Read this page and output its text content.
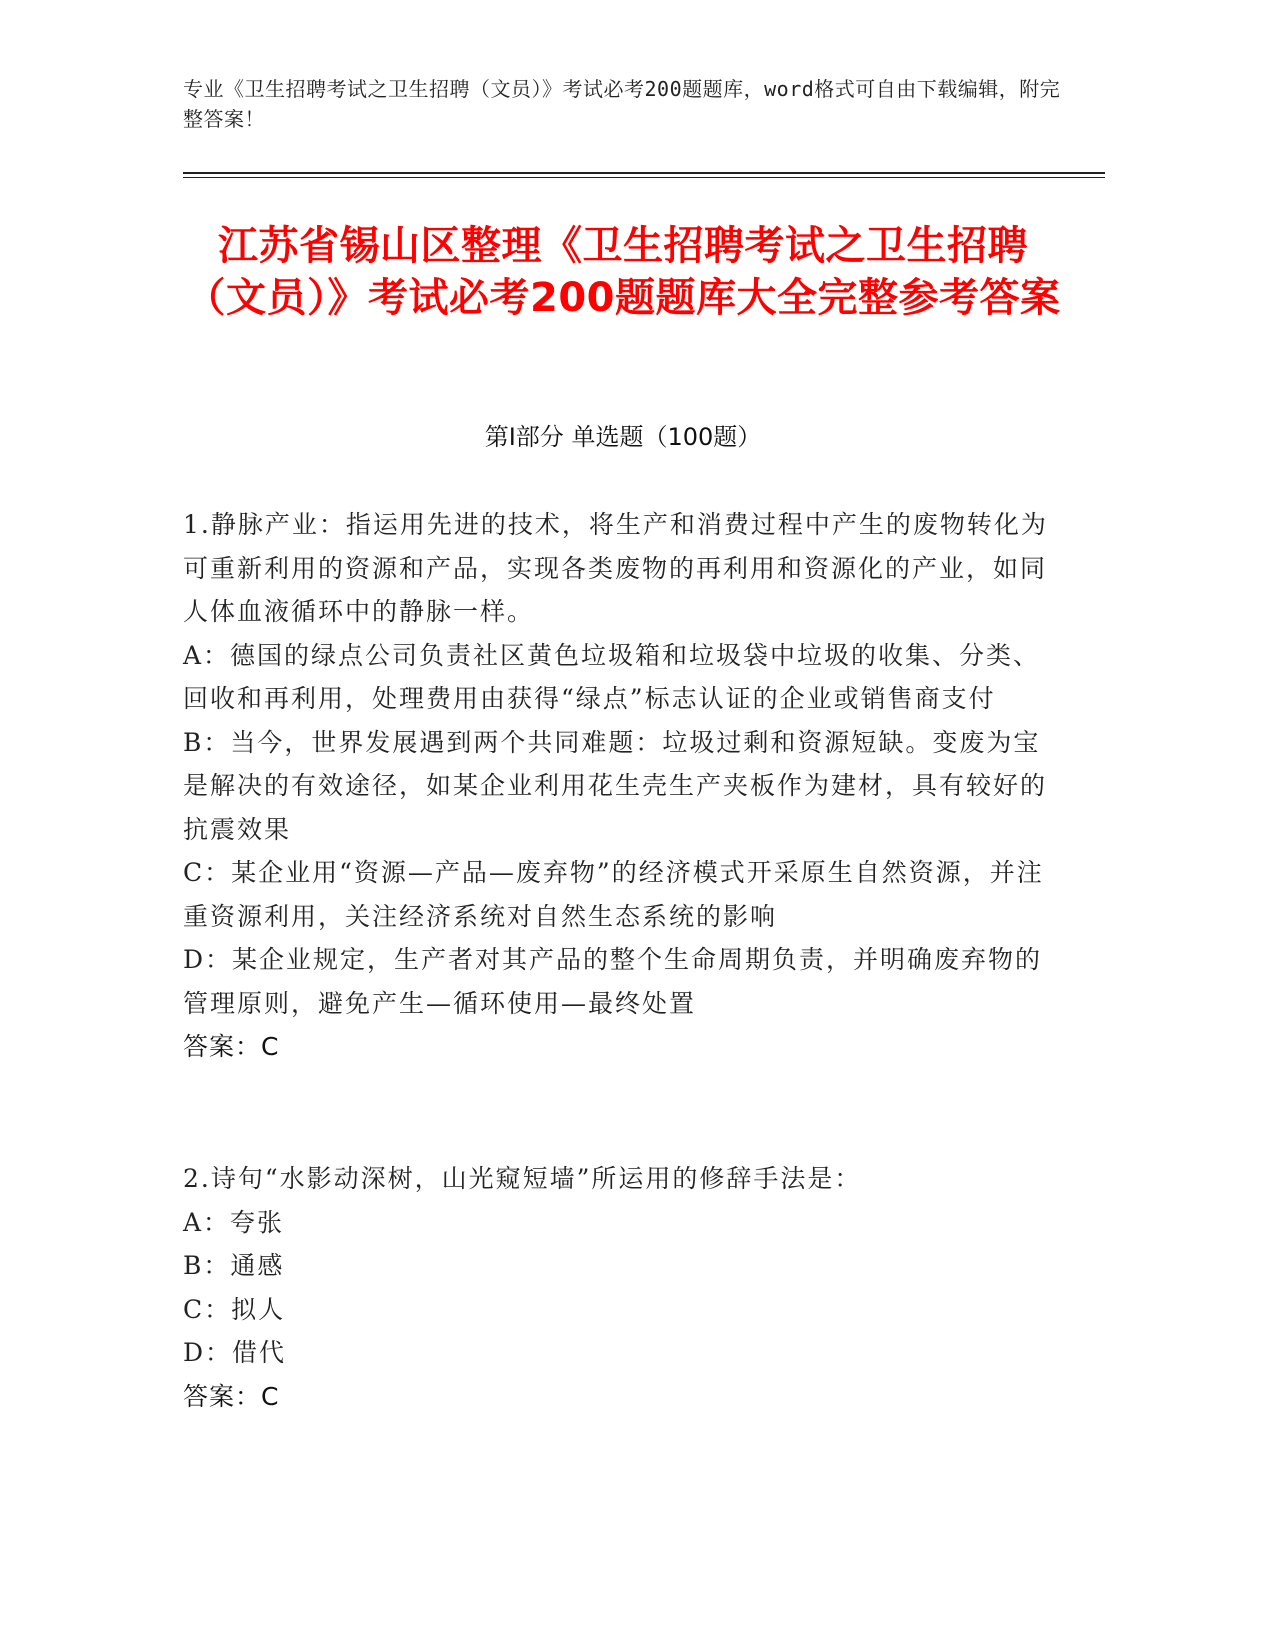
专业《卫生招聘考试之卫生招聘（文员）》考试必考200题题库，word格式可自由下载编辑，附完整答案！
江苏省锡山区整理《卫生招聘考试之卫生招聘（文员）》考试必考200题题库大全完整参考答案
第I部分 单选题（100题）

1.静脉产业：指运用先进的技术，将生产和消费过程中产生的废物转化为可重新利用的资源和产品，实现各类废物的再利用和资源化的产业，如同人体血液循环中的静脉一样。

A：德国的绿点公司负责社区黄色垃圾箱和垃圾袋中垃圾的收集、分类、回收和再利用，处理费用由获得“绿点”标志认证的企业或销售商支付

B：当今，世界发展遇到两个共同难题：垃圾过剩和资源短缺。变废为宝是解决的有效途径，如某企业利用花生壳生产夹板作为建材，具有较好的抗震效果

C：某企业用“资源—产品—废弃物”的经济模式开采原生自然资源，并注重资源利用，关注经济系统对自然生态系统的影响

D：某企业规定，生产者对其产品的整个生命周期负责，并明确废弃物的管理原则，避免产生—循环使用—最终处置

答案：C

2.诗句“水影动深树，山光窥短墙”所运用的修辞手法是：

A：夸张

B：通感

C：拟人

D：借代

答案：C
